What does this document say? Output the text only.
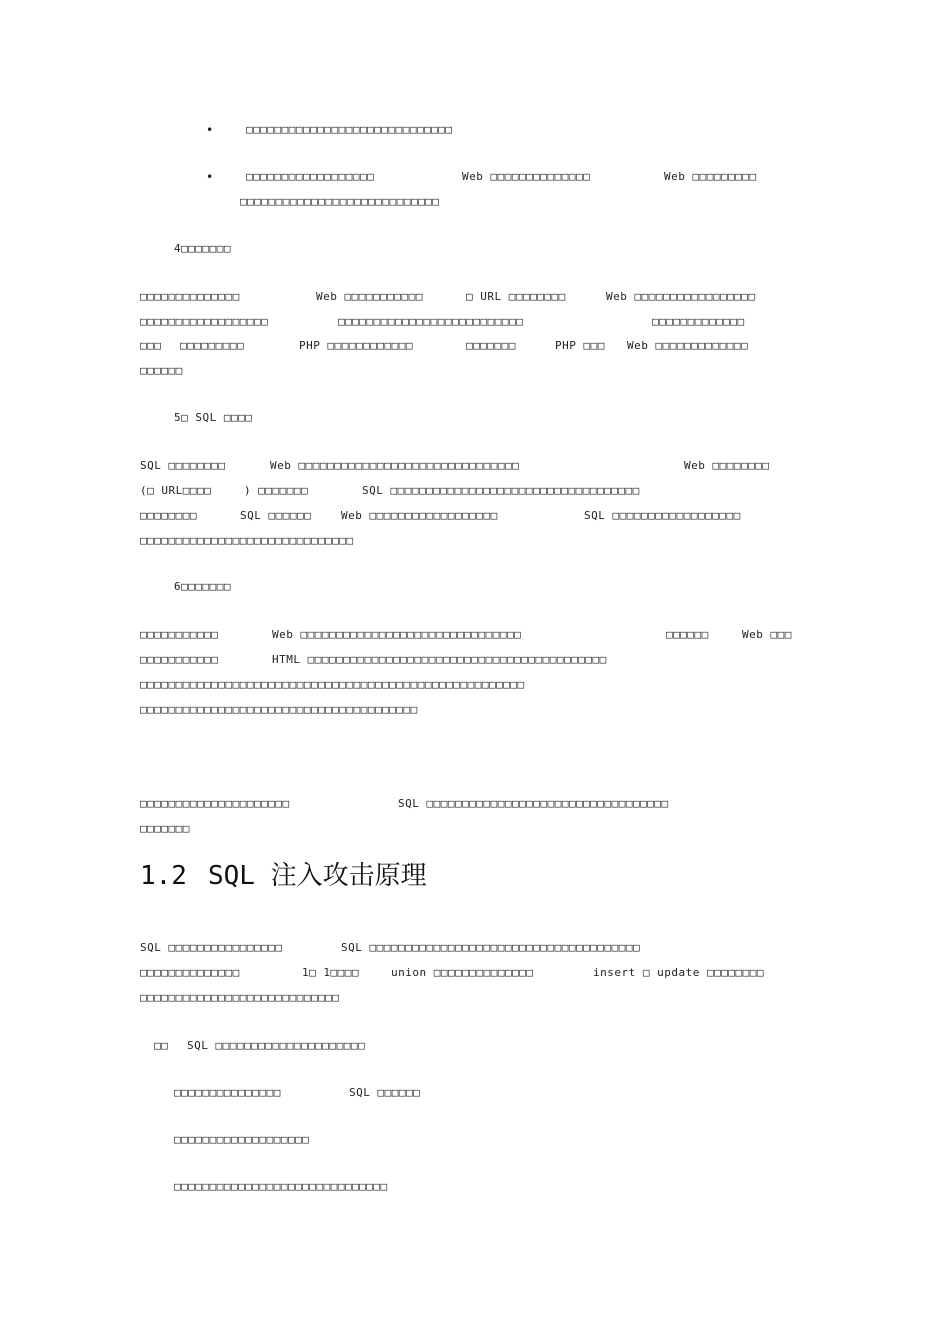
•	□□□□□□□□□□□□□□□□□□□□□□□□□□□□□
•	□□□□□□□□□□□□□□□□□□	Web □□□□□□□□□□□□□□	Web □□□□□□□□□
□□□□□□□□□□□□□□□□□□□□□□□□□□□□
4□□□□□□□
□□□□□□□□□□□□□□	Web □□□□□□□□□□□	□ URL □□□□□□□□	Web □□□□□□□□□□□□□□□□□
□□□□□□□□□□□□□□□□□□	□□□□□□□□□□□□□□□□□□□□□□□□□□	□□□□□□□□□□□□□
□□□ □□□□□□□□□	PHP □□□□□□□□□□□□	□□□□□□□	PHP □□□ Web □□□□□□□□□□□□□
□□□□□□
5□ SQL □□□□
SQL □□□□□□□□	Web □□□□□□□□□□□□□□□□□□□□□□□□□□□□□□□	Web □□□□□□□□
(□ URL□□□□	) □□□□□□□	SQL □□□□□□□□□□□□□□□□□□□□□□□□□□□□□□□□□□□
□□□□□□□□	SQL □□□□□□	Web □□□□□□□□□□□□□□□□□□	SQL □□□□□□□□□□□□□□□□□□
□□□□□□□□□□□□□□□□□□□□□□□□□□□□□□
6□□□□□□□
□□□□□□□□□□□	Web □□□□□□□□□□□□□□□□□□□□□□□□□□□□□□□	□□□□□□	Web □□□
□□□□□□□□□□□	HTML □□□□□□□□□□□□□□□□□□□□□□□□□□□□□□□□□□□□□□□□□□
□□□□□□□□□□□□□□□□□□□□□□□□□□□□□□□□□□□□□□□□□□□□□□□□□□□□□□
□□□□□□□□□□□□□□□□□□□□□□□□□□□□□□□□□□□□□□□
□□□□□□□□□□□□□□□□□□□□□	SQL □□□□□□□□□□□□□□□□□□□□□□□□□□□□□□□□□□
□□□□□□□
1.2 SQL 注入攻击原理
SQL □□□□□□□□□□□□□□□□	SQL □□□□□□□□□□□□□□□□□□□□□□□□□□□□□□□□□□□□□□
□□□□□□□□□□□□□□	1□ 1□□□□	union □□□□□□□□□□□□□□	insert □ update □□□□□□□□
□□□□□□□□□□□□□□□□□□□□□□□□□□□□
□□ SQL □□□□□□□□□□□□□□□□□□□□□
□□□□□□□□□□□□□□□	SQL □□□□□□
□□□□□□□□□□□□□□□□□□□
□□□□□□□□□□□□□□□□□□□□□□□□□□□□□□
